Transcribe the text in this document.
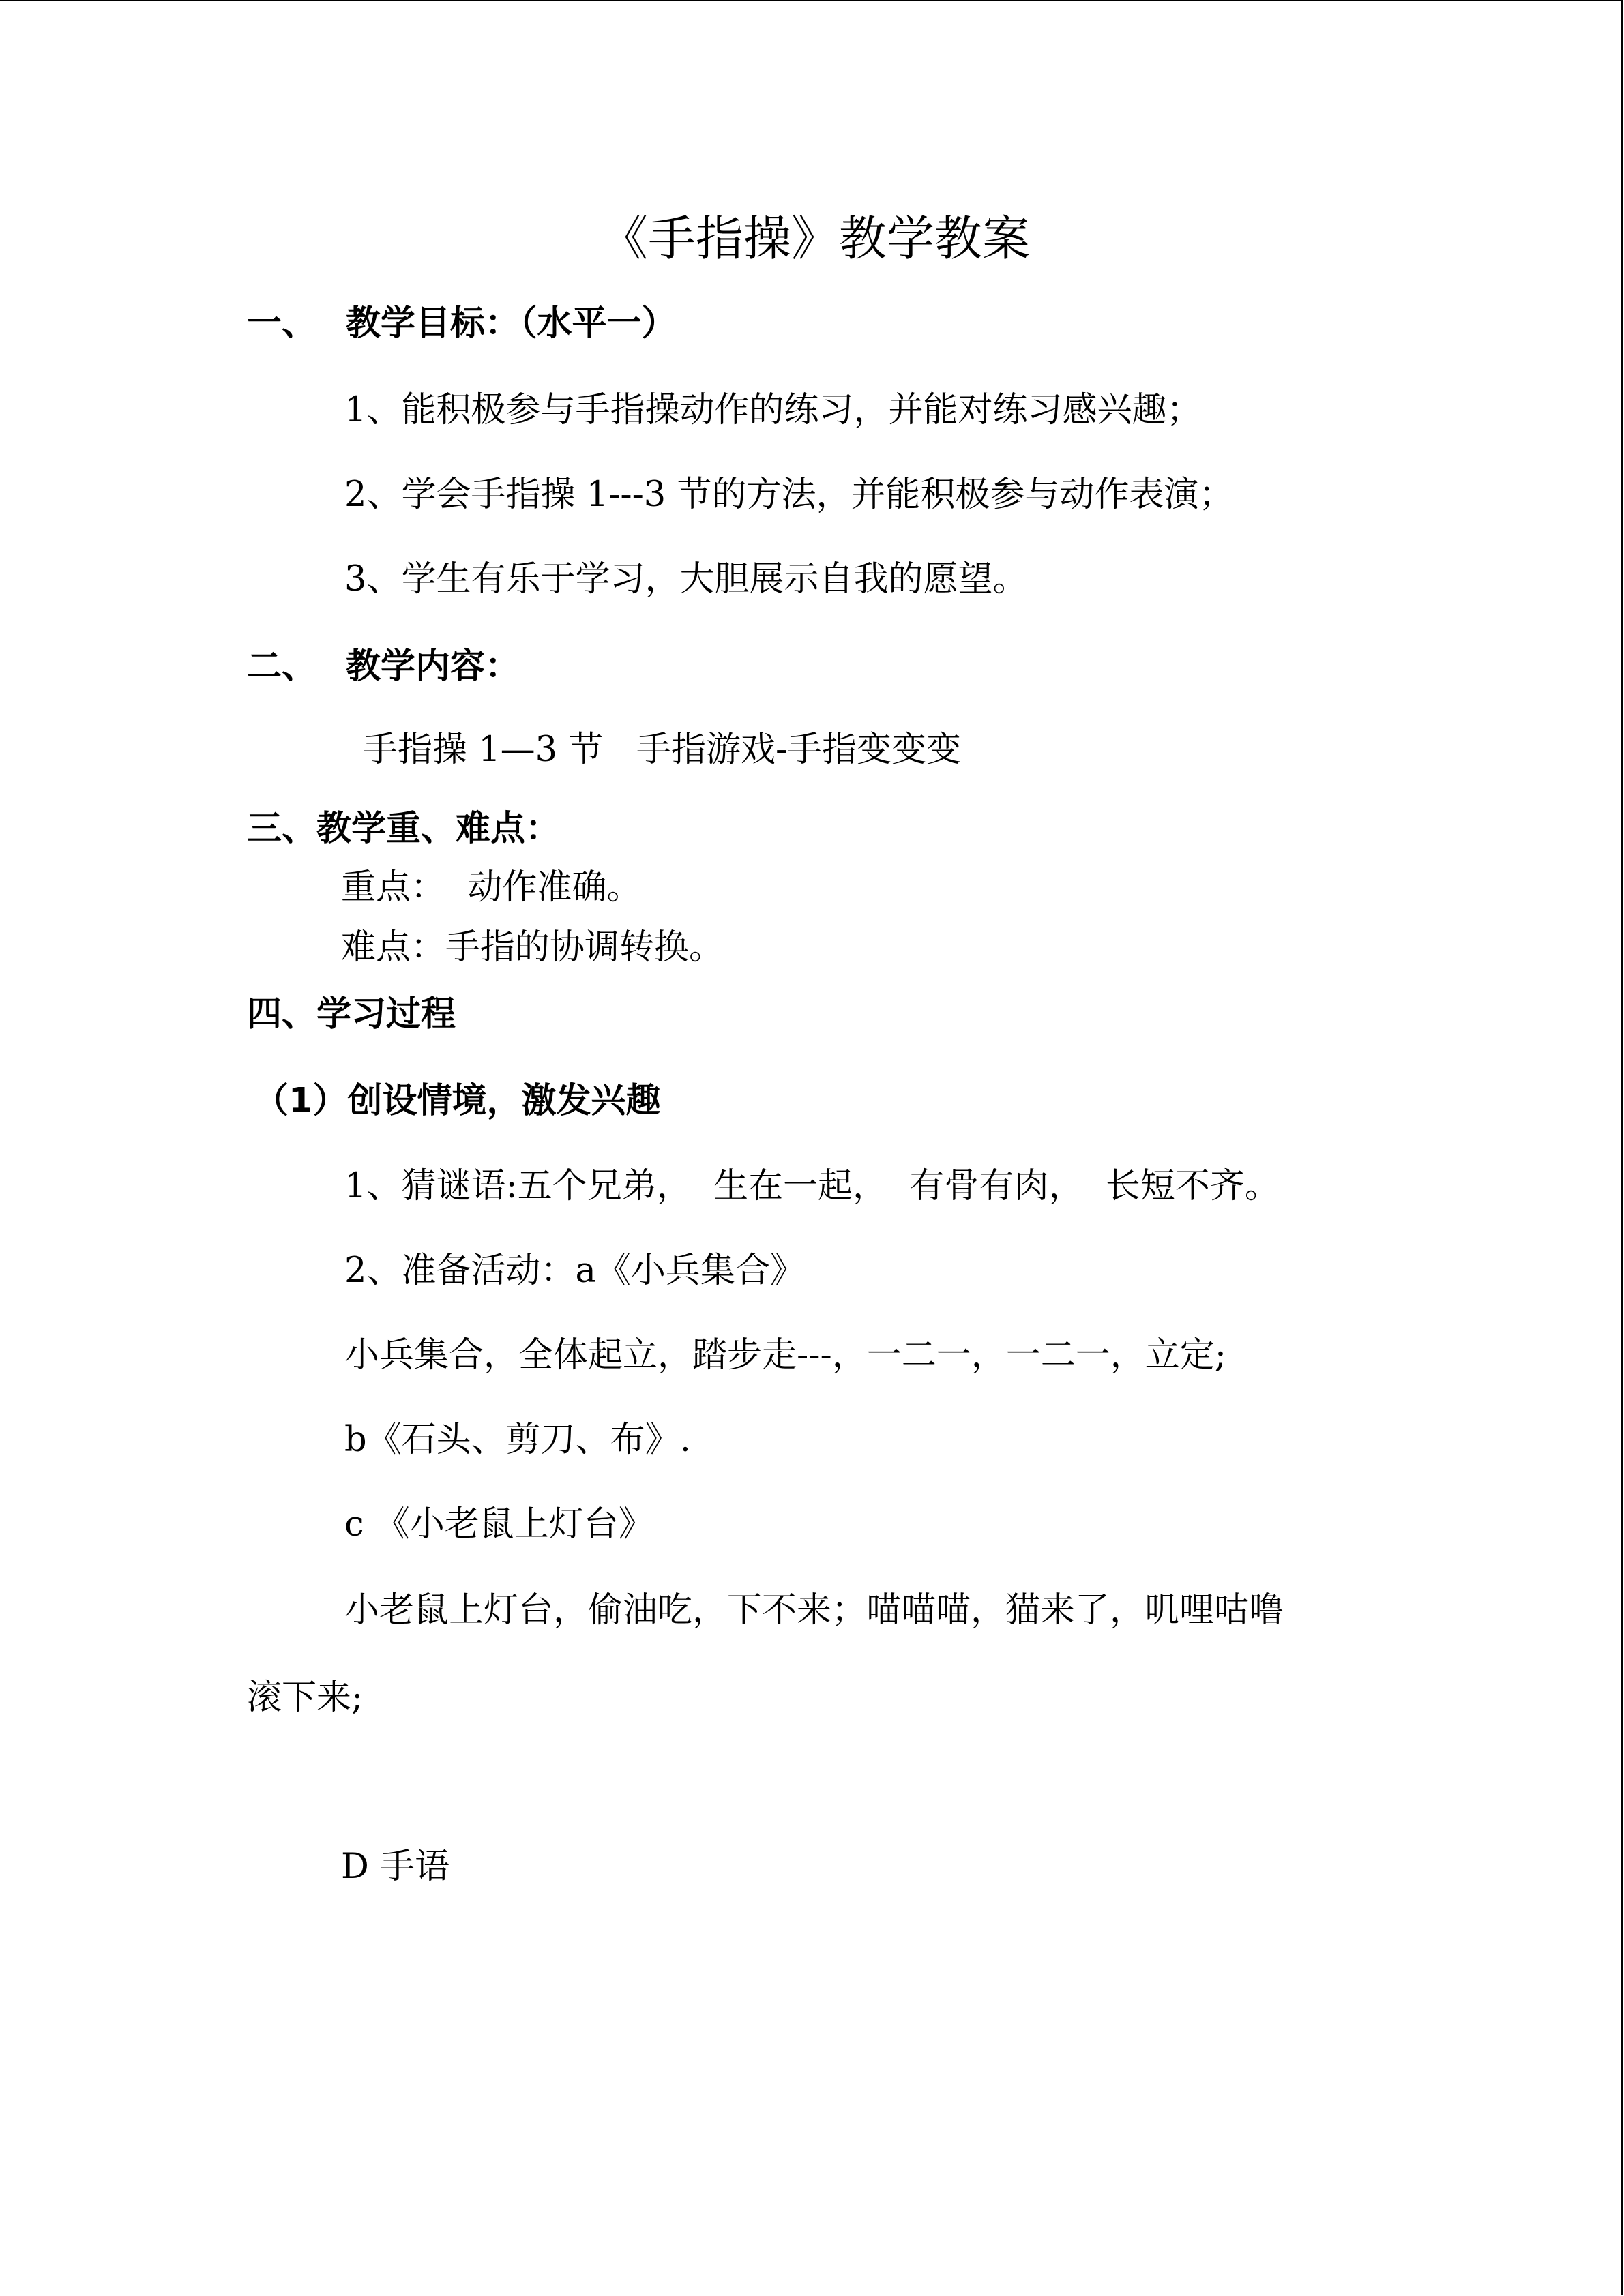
《手指操》教学教案
一、 教学目标：（水平一）
1、能积极参与手指操动作的练习，并能对练习感兴趣；
2、学会手指操 1---3 节的方法，并能积极参与动作表演；
3、学生有乐于学习，大胆展示自我的愿望。
二、 教学内容：
手指操 1—3 节   手指游戏-手指变变变
三、教学重、难点：
重点：  动作准确。
难点：手指的协调转换。
四、学习过程
（1）创设情境，激发兴趣
1、猜谜语:五个兄弟，  生在一起，  有骨有肉，  长短不齐。
2、准备活动：a《小兵集合》
小兵集合，全体起立，踏步走---，一二一，一二一，立定;
b《石头、剪刀、布》.
c 《小老鼠上灯台》
小老鼠上灯台，偷油吃，下不来；喵喵喵，猫来了，叽哩咕噜
滚下来;
D 手语
